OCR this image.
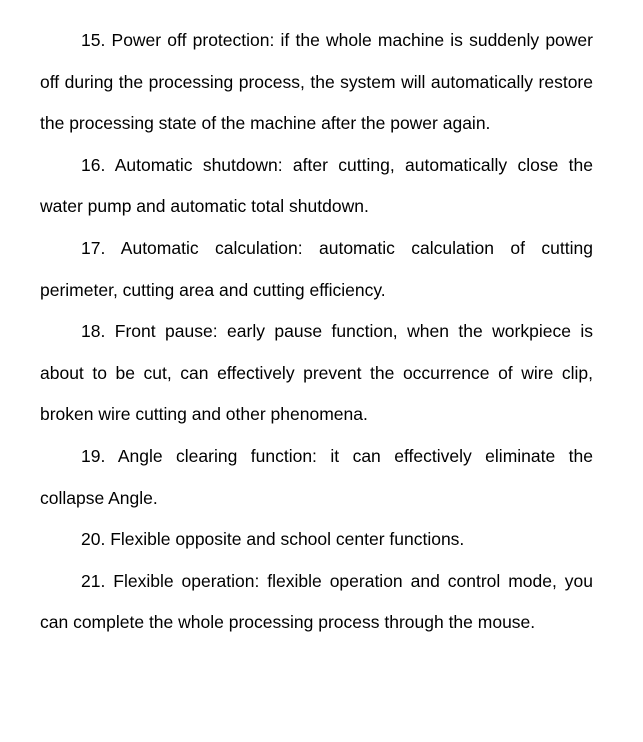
15. Power off protection: if the whole machine is suddenly power off during the processing process, the system will automatically restore the processing state of the machine after the power again.

16. Automatic shutdown: after cutting, automatically close the water pump and automatic total shutdown.

17. Automatic calculation: automatic calculation of cutting perimeter, cutting area and cutting efficiency.

18. Front pause: early pause function, when the workpiece is about to be cut, can effectively prevent the occurrence of wire clip, broken wire cutting and other phenomena.

19. Angle clearing function: it can effectively eliminate the collapse Angle.

20. Flexible opposite and school center functions.

21. Flexible operation: flexible operation and control mode, you can complete the whole processing process through the mouse.
